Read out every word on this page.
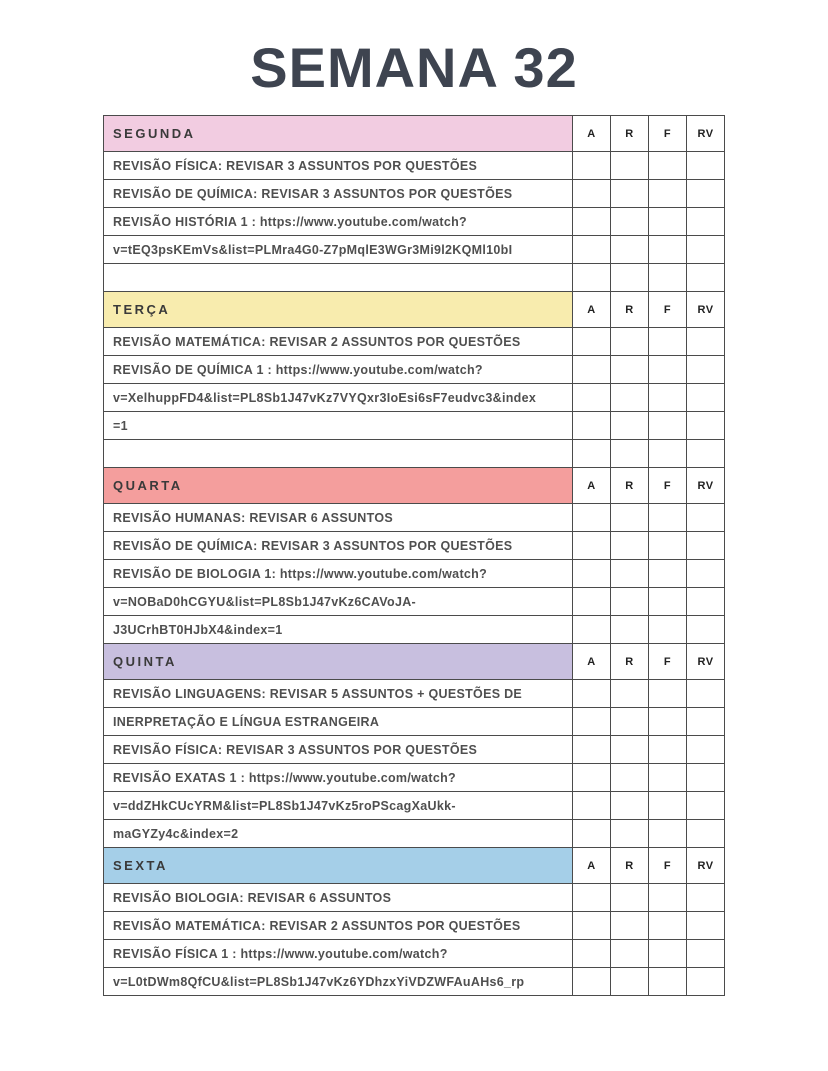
SEMANA 32
SEGUNDA	A	R	F	RV
REVISÃO FÍSICA: REVISAR 3 ASSUNTOS POR QUESTÕES
REVISÃO DE QUÍMICA: REVISAR 3 ASSUNTOS POR QUESTÕES
REVISÃO HISTÓRIA 1 : https://www.youtube.com/watch?
v=tEQ3psKEmVs&list=PLMra4G0-Z7pMqlE3WGr3Mi9l2KQMl10bI
TERÇA	A	R	F	RV
REVISÃO MATEMÁTICA: REVISAR 2 ASSUNTOS POR QUESTÕES
REVISÃO DE QUÍMICA 1 : https://www.youtube.com/watch?
v=XelhuppFD4&list=PL8Sb1J47vKz7VYQxr3IoEsi6sF7eudvc3&index
=1
QUARTA	A	R	F	RV
REVISÃO HUMANAS: REVISAR 6 ASSUNTOS
REVISÃO DE QUÍMICA: REVISAR 3 ASSUNTOS POR QUESTÕES
REVISÃO DE BIOLOGIA 1: https://www.youtube.com/watch?
v=NOBaD0hCGYU&list=PL8Sb1J47vKz6CAVoJA-
J3UCrhBT0HJbX4&index=1
QUINTA	A	R	F	RV
REVISÃO LINGUAGENS: REVISAR 5 ASSUNTOS + QUESTÕES DE
INERPRETAÇÃO E LÍNGUA ESTRANGEIRA
REVISÃO FÍSICA: REVISAR 3 ASSUNTOS POR QUESTÕES
REVISÃO EXATAS 1 : https://www.youtube.com/watch?
v=ddZHkCUcYRM&list=PL8Sb1J47vKz5roPScagXaUkk-
maGYZy4c&index=2
SEXTA	A	R	F	RV
REVISÃO BIOLOGIA: REVISAR 6 ASSUNTOS
REVISÃO MATEMÁTICA: REVISAR 2 ASSUNTOS POR QUESTÕES
REVISÃO FÍSICA 1 : https://www.youtube.com/watch?
v=L0tDWm8QfCU&list=PL8Sb1J47vKz6YDhzxYiVDZWFAuAHs6_rp
